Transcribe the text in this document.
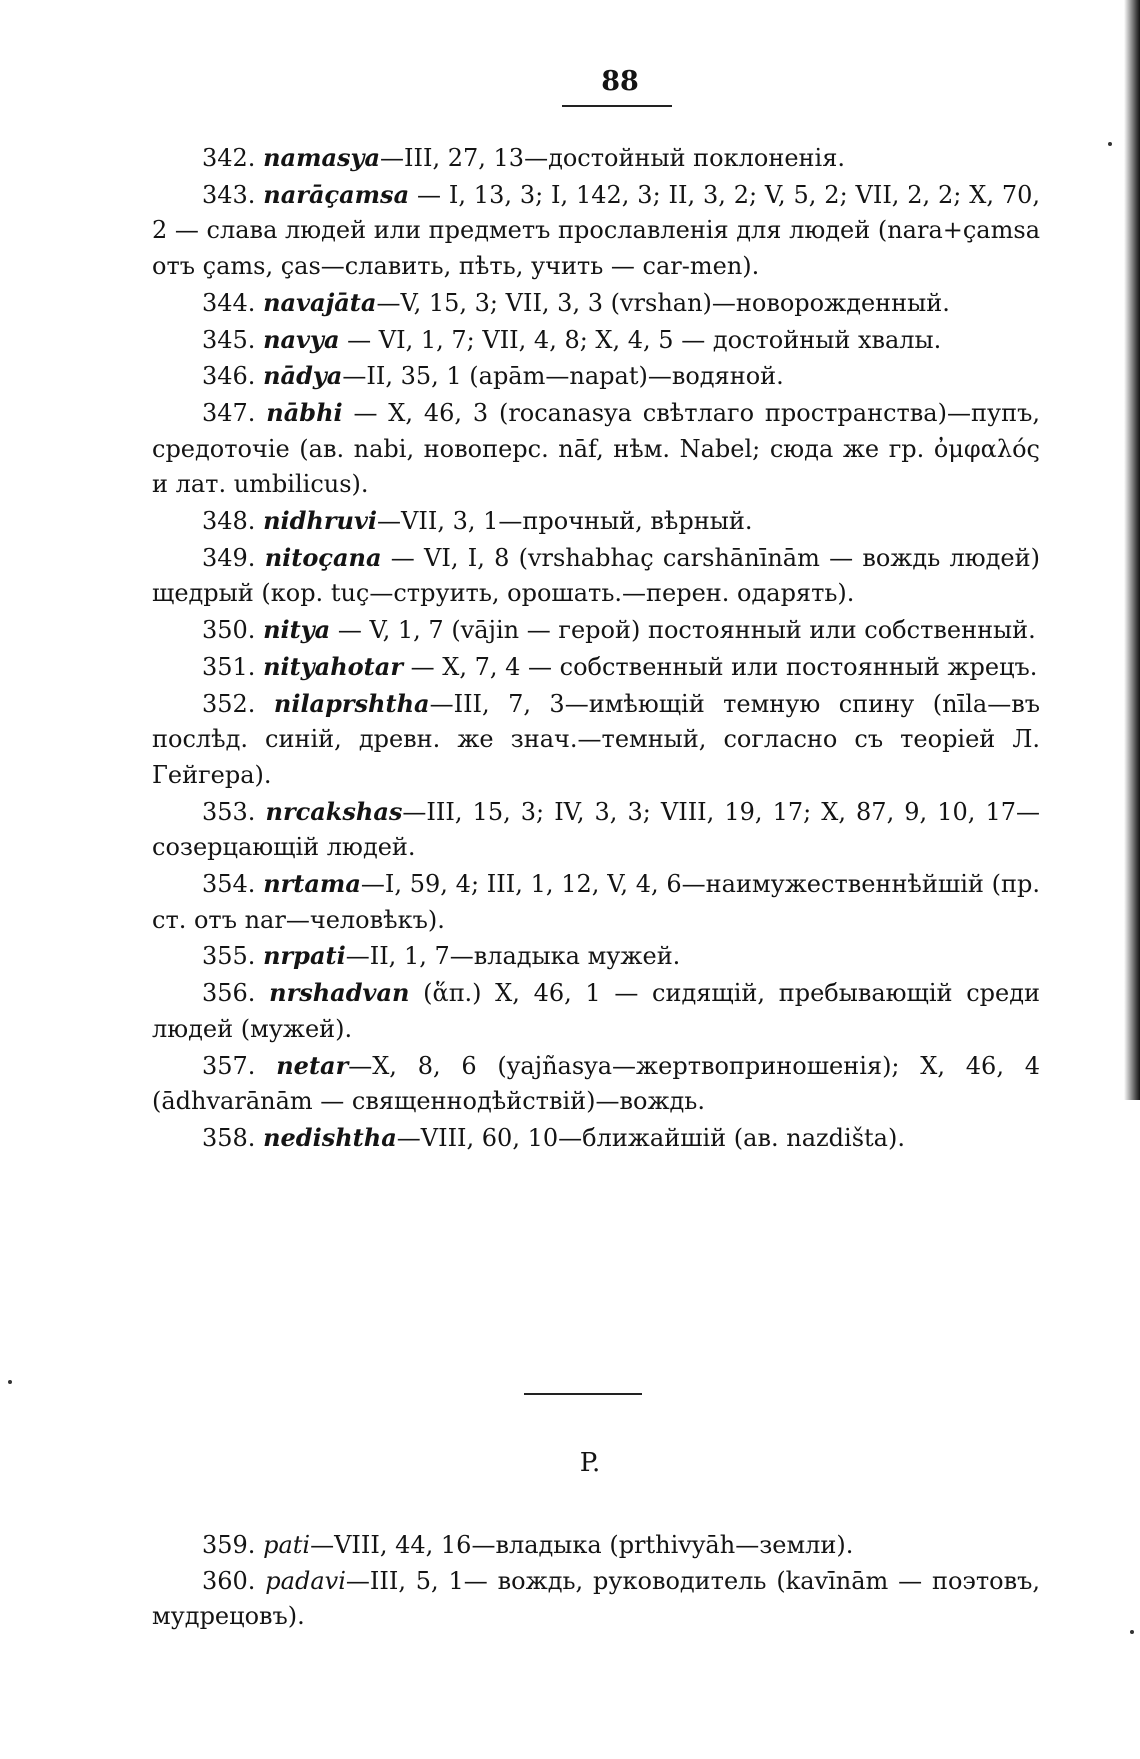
88

342. namasya—III, 27, 13—достойный поклоненія.

343. narāçamsa — I, 13, 3; I, 142, 3; II, 3, 2; V, 5, 2; VII, 2, 2; X, 70, 2 — слава людей или предметъ прославленія для людей (nara+çamsa отъ çams, ças—славить, пѣть, учить — car-men).

344. navajāta—V, 15, 3; VII, 3, 3 (vrshan)—новорожденный.

345. navya — VI, 1, 7; VII, 4, 8; X, 4, 5 — достойный хвалы.

346. nādya—II, 35, 1 (apām—napat)—водяной.

347. nābhi — X, 46, 3 (rocanasya свѣтлаго пространства)—пупъ, средоточіе (ав. nabi, новоперс. nāf, нѣм. Nabel; сюда же гр. ὀμφαλός и лат. umbilicus).

348. nidhruvi—VII, 3, 1—прочный, вѣрный.

349. nitoçana — VI, I, 8 (vrshabhaç carshānīnām — вождь людей) щедрый (кор. tuç—струить, орошать.—перен. одарять).

350. nitya — V, 1, 7 (vājin — герой) постоянный или собственный.

351. nityahotar — X, 7, 4 — собственный или постоянный жрецъ.

352. nilaprshtha—III, 7, 3—имѣющій темную спину (nīla—въ послѣд. синій, древн. же знач.—темный, согласно съ теоріей Л. Гейгера).

353. nrcakshas—III, 15, 3; IV, 3, 3; VIII, 19, 17; X, 87, 9, 10, 17—созерцающій людей.

354. nrtama—I, 59, 4; III, 1, 12, V, 4, 6—наимужественнѣйшій (пр. ст. отъ nar—человѣкъ).

355. nrpati—II, 1, 7—владыка мужей.

356. nrshadvan (ἅπ.) X, 46, 1 — сидящій, пребывающій среди людей (мужей).

357. netar—X, 8, 6 (yajñasya—жертвоприношенія); X, 46, 4 (ādhvarānām — священнодѣйствій)—вождь.

358. nedishtha—VIII, 60, 10—ближайшій (ав. nazdišta).

P.

359. pati—VIII, 44, 16—владыка (prthivyāh—земли).

360. padavi—III, 5, 1— вождь, руководитель (kavīnām — поэтовъ, мудрецовъ).
